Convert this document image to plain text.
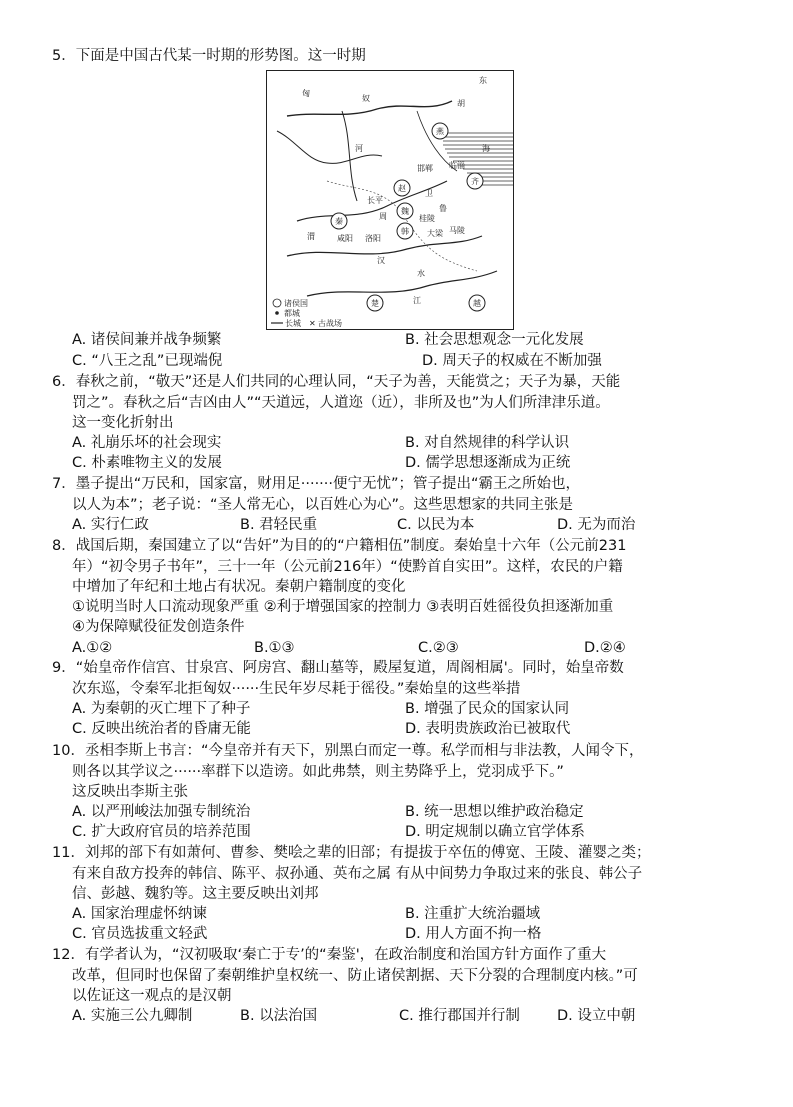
5．下面是中国古代某一时期的形势图。这一时期
东
胡
匈
奴
燕
齐
临淄
赵
邯郸
魏
韩
秦
咸阳 洛阳
周
大梁 马陵
桂陵
楚	越
鲁
卫
河
汉
水
江
海
渭
长平
诸侯国
都城
长城 ✕ 古战场
A. 诸侯间兼并战争频繁	B. 社会思想观念一元化发展
C. “八王之乱”已现端倪	D. 周天子的权威在不断加强
6．春秋之前，“敬天”还是人们共同的心理认同，“天子为善，天能赏之；天子为暴，天能
罚之”。春秋之后“吉凶由人”“天道远，人道迩（近），非所及也”为人们所津津乐道。
这一变化折射出
A. 礼崩乐坏的社会现实	B. 对自然规律的科学认识
C. 朴素唯物主义的发展	D. 儒学思想逐渐成为正统
7．墨子提出“万民和，国家富，财用足·······便宁无忧”；管子提出“霸王之所始也，
以人为本”；老子说：“圣人常无心，以百姓心为心”。这些思想家的共同主张是
A. 实行仁政	B. 君轻民重	C. 以民为本	D. 无为而治
8．战国后期，秦国建立了以“告奸”为目的的“户籍相伍”制度。秦始皇十六年（公元前231
年）“初令男子书年”，三十一年（公元前216年）“使黔首自实田”。这样，农民的户籍
中增加了年纪和土地占有状况。秦朝户籍制度的变化
①说明当时人口流动现象严重 ②利于增强国家的控制力 ③表明百姓徭役负担逐渐加重
④为保障赋役征发创造条件
A.①②	B.①③	C.②③	D.②④
9．“始皇帝作信宫、甘泉宫、阿房宫、翻山墓等，殿屋复道，周阁相属'。同时，始皇帝数
次东巡，令秦军北拒匈奴······生民年岁尽耗于徭役。”秦始皇的这些举措
A. 为秦朝的灭亡埋下了种子	B. 增强了民众的国家认同
C. 反映出统治者的昏庸无能	D. 表明贵族政治已被取代
10．丞相李斯上书言：“今皇帝并有天下，别黑白而定一尊。私学而相与非法教，人闻令下，
则各以其学议之······率群下以造谤。如此弗禁，则主势降乎上，党羽成乎下。”
这反映出李斯主张
A. 以严刑峻法加强专制统治	B. 统一思想以维护政治稳定
C. 扩大政府官员的培养范围	D. 明定规制以确立官学体系
11．刘邦的部下有如萧何、曹参、樊哙之辈的旧部；有提拔于卒伍的傅宽、王陵、灌婴之类；
有来自敌方投奔的韩信、陈平、叔孙通、英布之属 有从中间势力争取过来的张良、韩公子
信、彭越、魏豹等。这主要反映出刘邦
A. 国家治理虚怀纳谏	B. 注重扩大统治疆域
C. 官员选拔重文轻武	D. 用人方面不拘一格
12．有学者认为，“汉初吸取‘秦亡于专’的“秦鉴'，在政治制度和治国方针方面作了重大
改革，但同时也保留了秦朝维护皇权统一、防止诸侯割据、天下分裂的合理制度内核。”可
以佐证这一观点的是汉朝
A. 实施三公九卿制	B. 以法治国	C. 推行郡国并行制	D. 设立中朝
